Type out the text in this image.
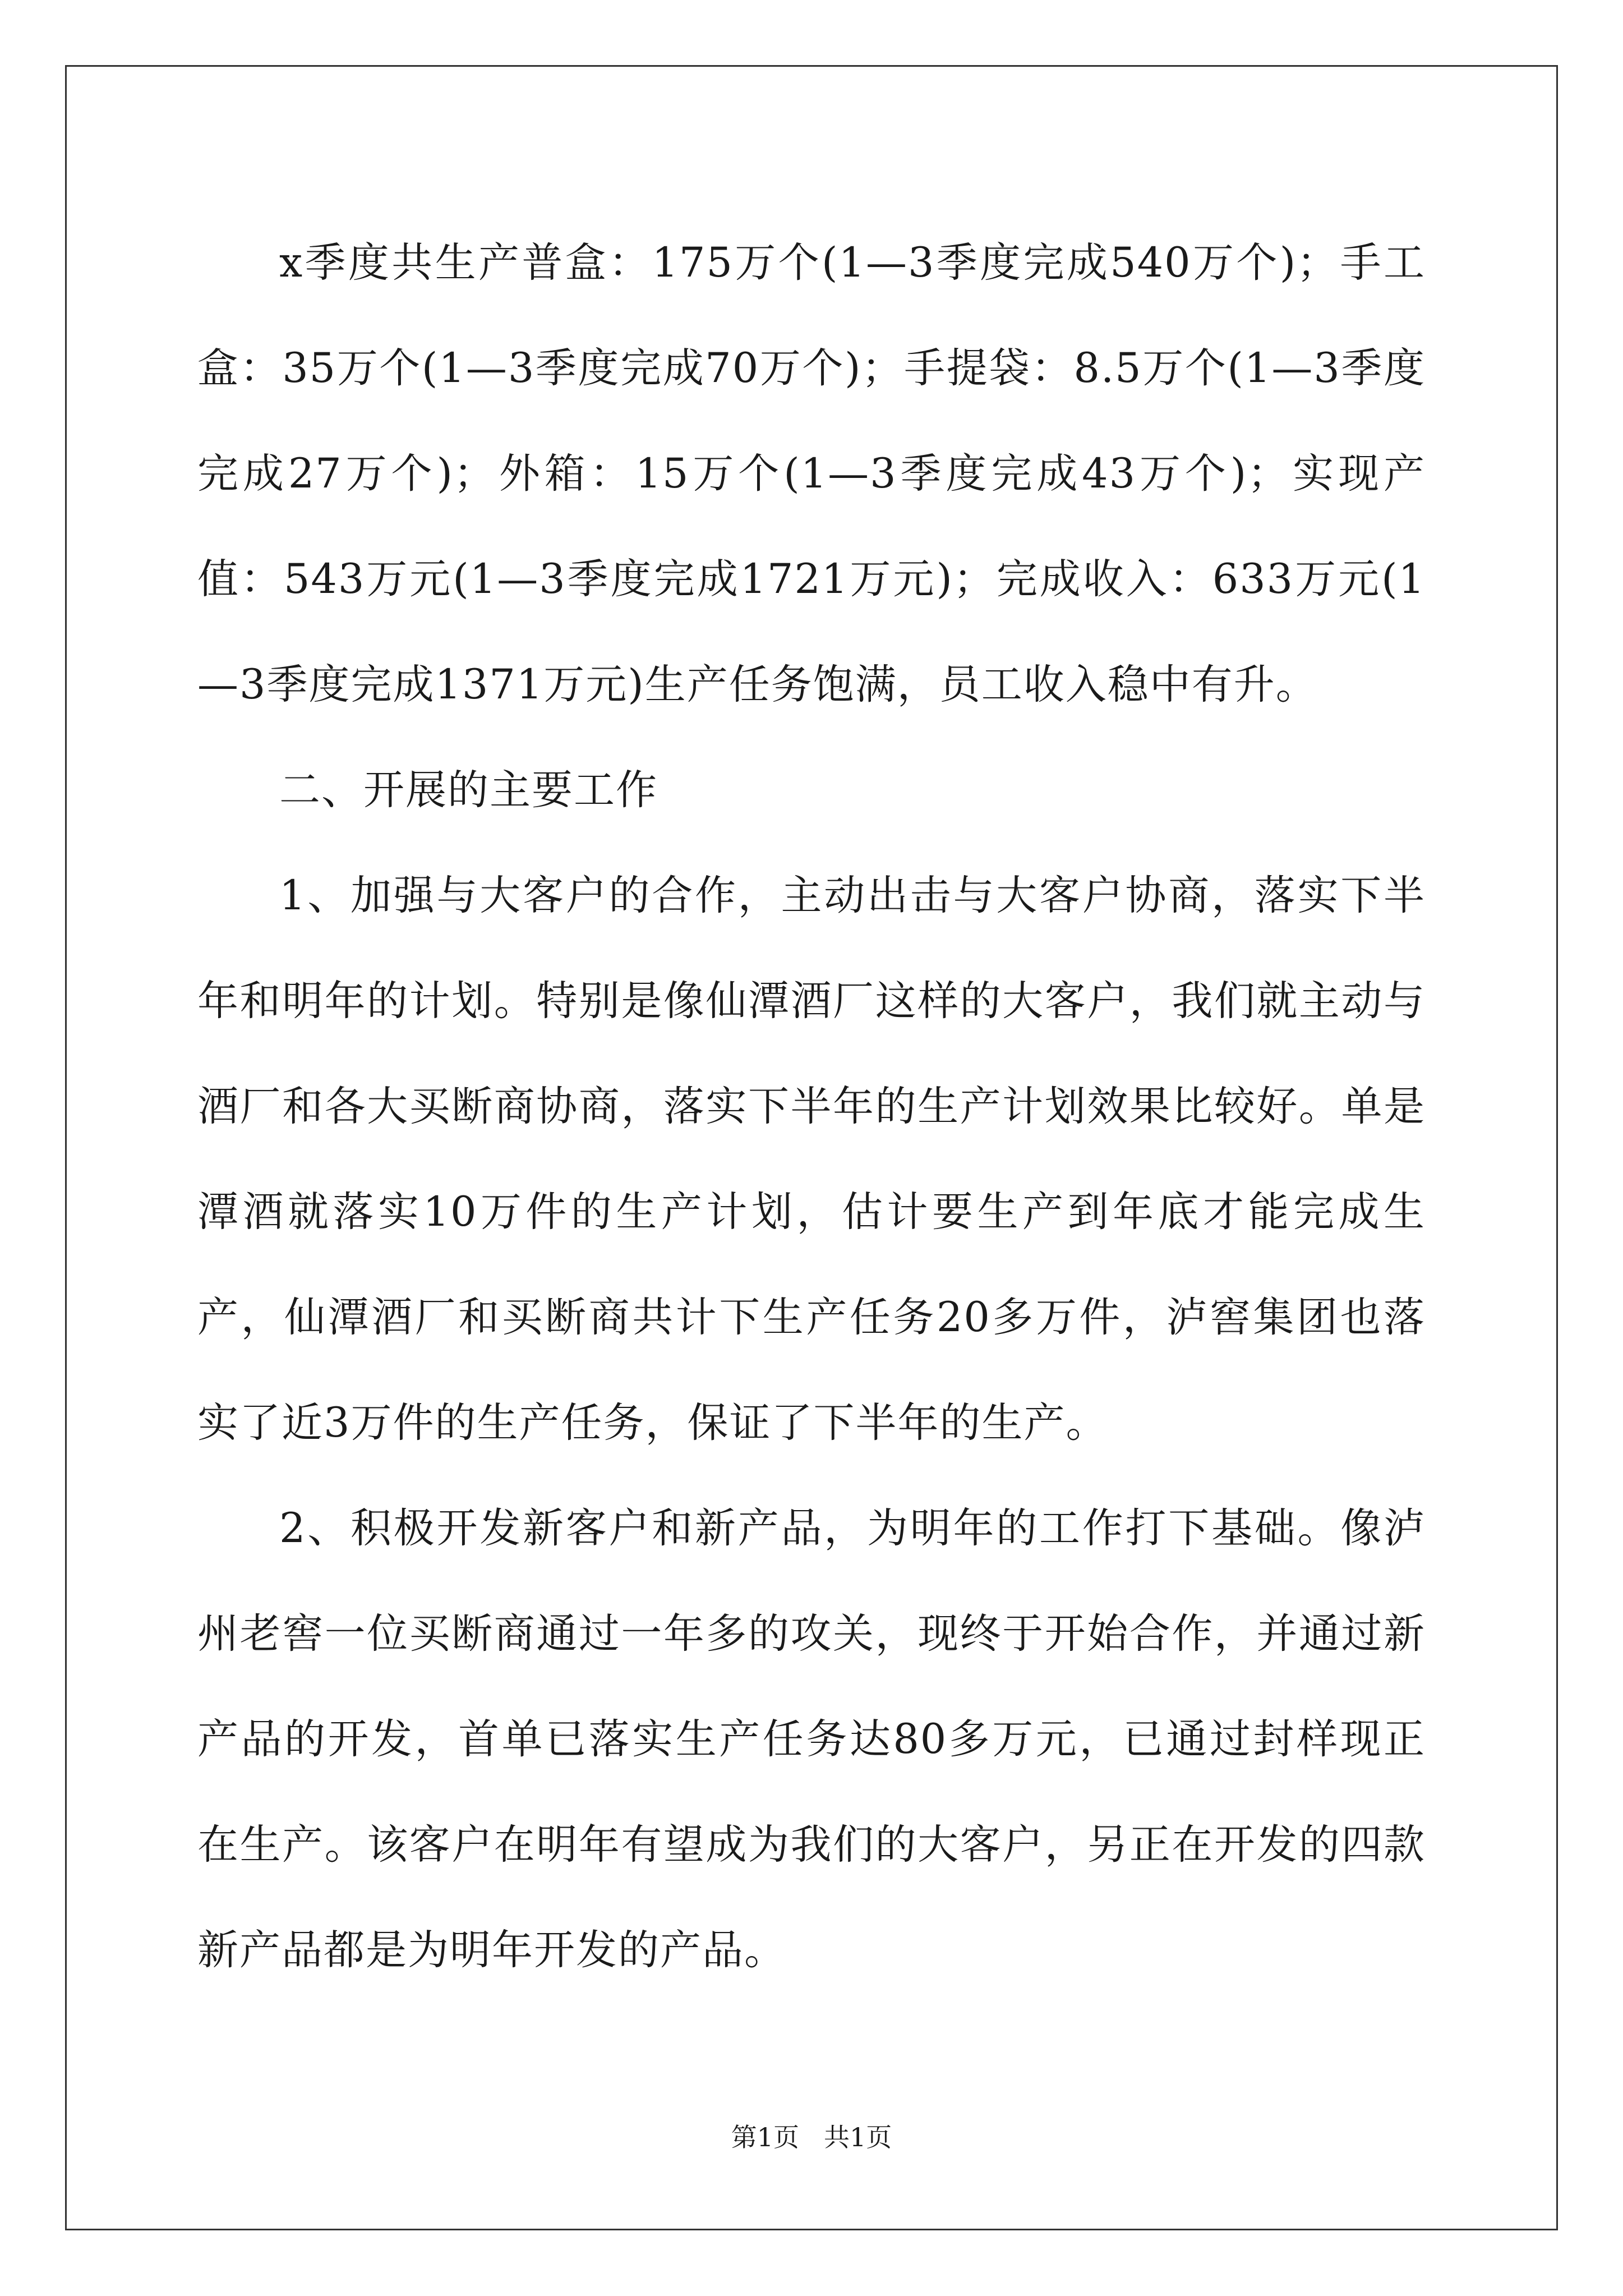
x季度共生产普盒：175万个(1—3季度完成540万个)；手工盒：35万个(1—3季度完成70万个)；手提袋：8.5万个(1—3季度完成27万个)；外箱：15万个(1—3季度完成43万个)；实现产值：543万元(1—3季度完成1721万元)；完成收入：633万元(1—3季度完成1371万元)生产任务饱满，员工收入稳中有升。

二、开展的主要工作

1、加强与大客户的合作，主动出击与大客户协商，落实下半年和明年的计划。特别是像仙潭酒厂这样的大客户，我们就主动与酒厂和各大买断商协商，落实下半年的生产计划效果比较好。单是潭酒就落实10万件的生产计划，估计要生产到年底才能完成生产，仙潭酒厂和买断商共计下生产任务20多万件，泸窖集团也落实了近3万件的生产任务，保证了下半年的生产。

2、积极开发新客户和新产品，为明年的工作打下基础。像泸州老窖一位买断商通过一年多的攻关，现终于开始合作，并通过新产品的开发，首单已落实生产任务达80多万元，已通过封样现正在生产。该客户在明年有望成为我们的大客户，另正在开发的四款新产品都是为明年开发的产品。

第1页 共1页
